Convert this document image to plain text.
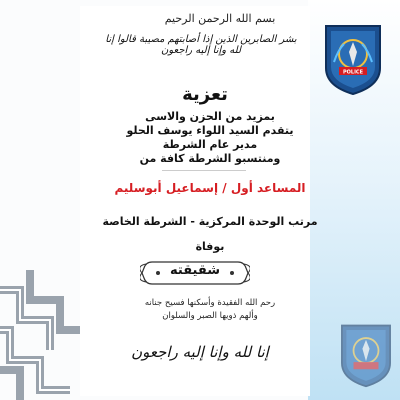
بسم الله الرحمن الرحيم
بشر الصابرين الذين إذا أصابتهم مصيبة قالوا إنا لله وإنا إليه راجعون
تعزية
بمزيد من الحزن والاسى
يتقدم السيد اللواء يوسف الحلو
مدير عام الشرطة
ومنتسبو الشرطة كافة من
المساعد أول / إسماعيل أبوسليم
مرتب الوحدة المركزية - الشرطة الخاصة
بوفاة
شقيقته
رحم الله الفقيدة وأسكنها فسيح جنانه
وألهم ذويها الصبر والسلوان
إنا لله وإنا إليه راجعون
POLICE
